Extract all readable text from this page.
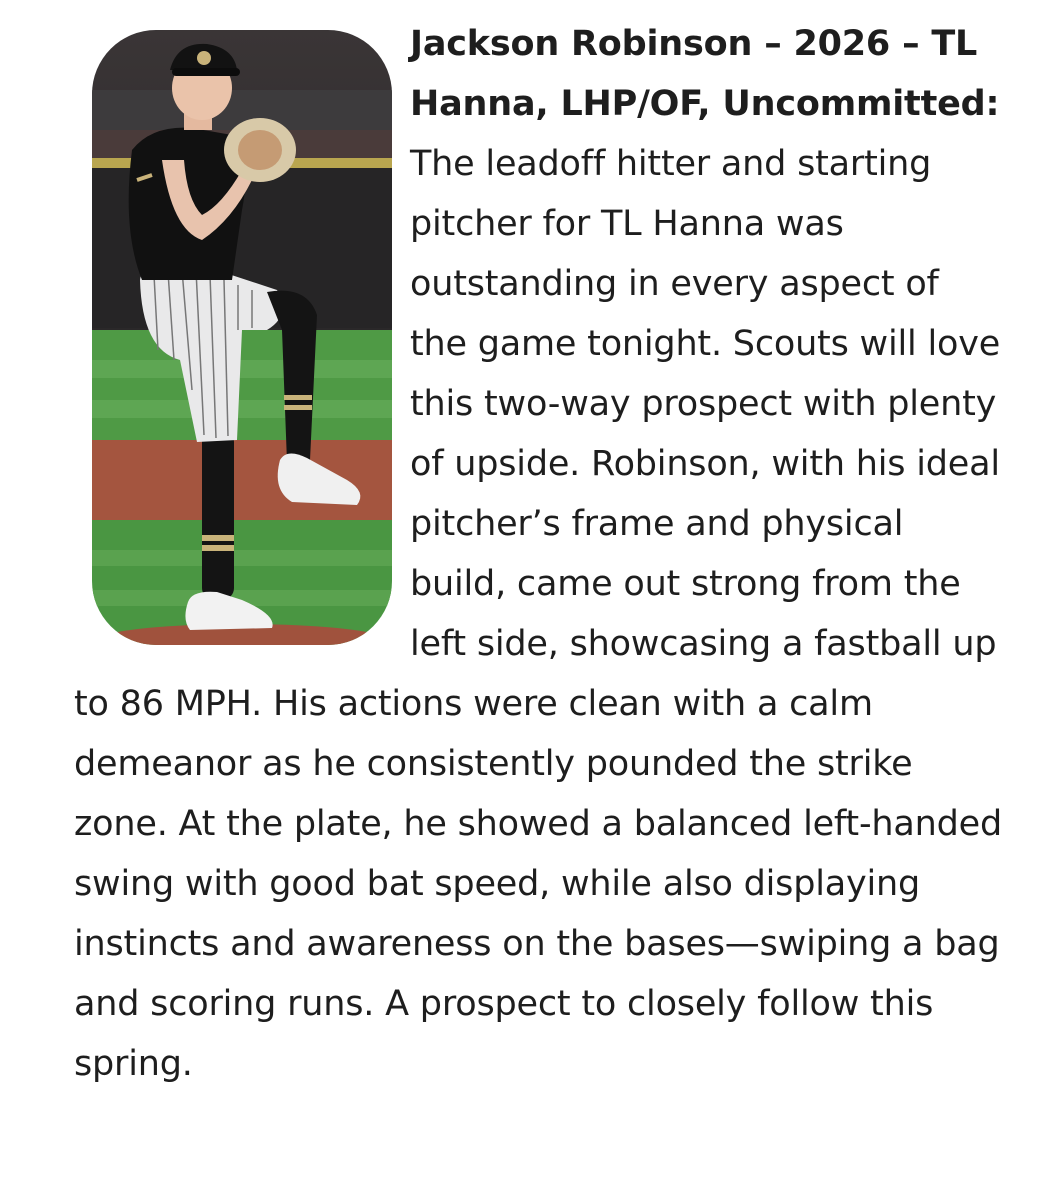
Jackson Robinson – 2026 – TL Hanna, LHP/OF, Uncommitted: The leadoff hitter and starting pitcher for TL Hanna was outstanding in every aspect of the game tonight. Scouts will love this two-way prospect with plenty of upside. Robinson, with his ideal pitcher’s frame and physical build, came out strong from the left side, showcasing a fastball up to 86 MPH. His actions were clean with a calm demeanor as he consistently pounded the strike zone. At the plate, he showed a balanced left-handed swing with good bat speed, while also displaying instincts and awareness on the bases—swiping a bag and scoring runs. A prospect to closely follow this spring.
